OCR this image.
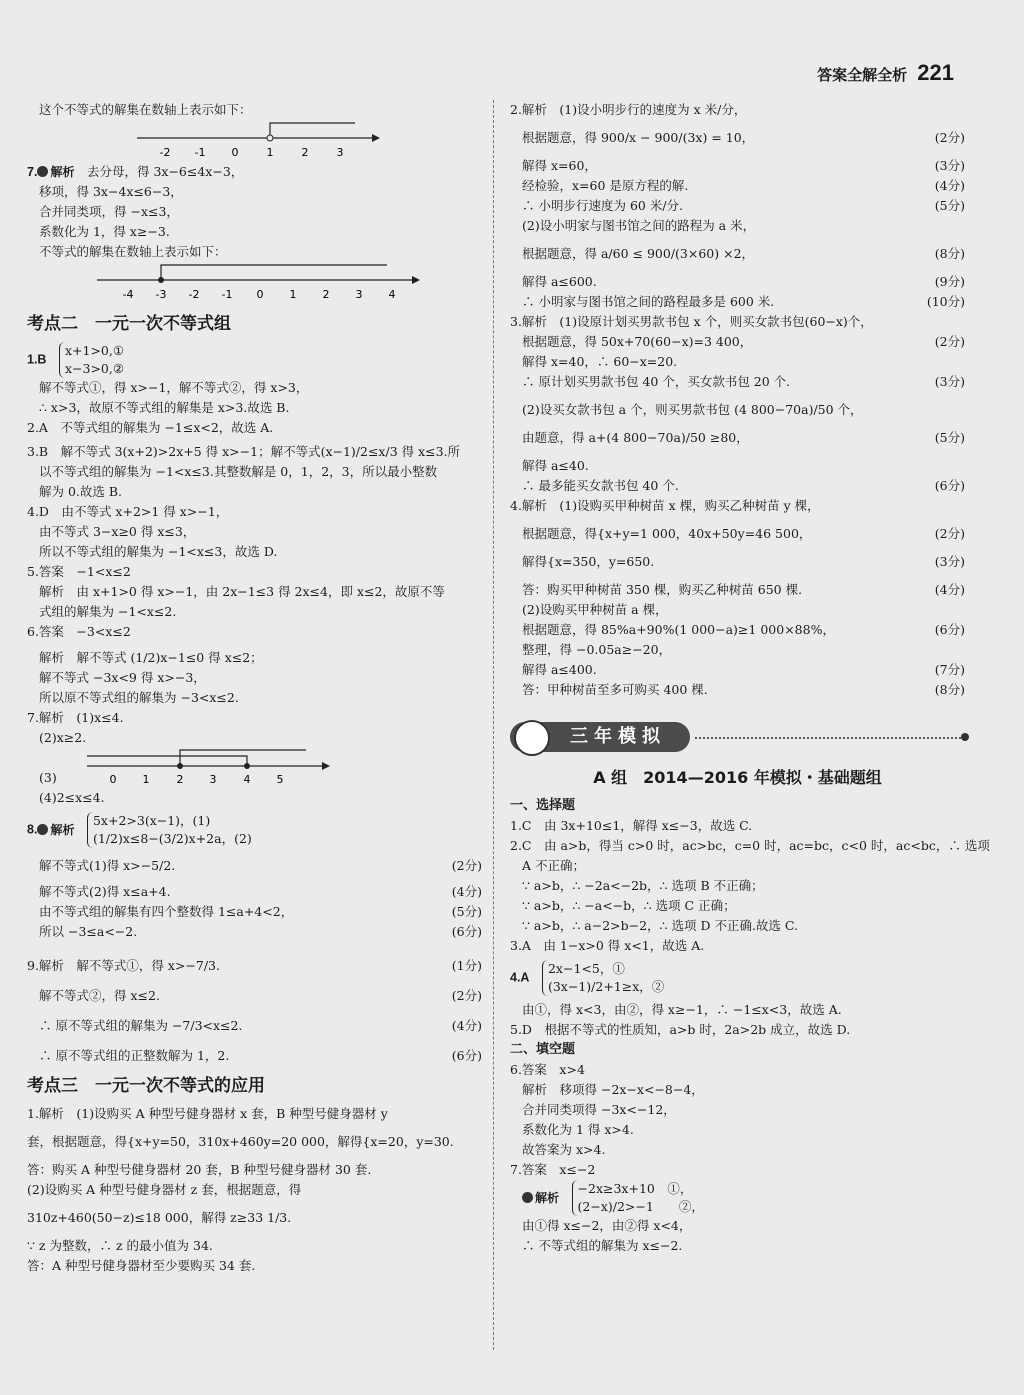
答案全解全析 221
这个不等式的解集在数轴上表示如下：
-2 -1 0	1	2	3
7. 解析　 去分母，得 3x−6≤4x−3，
移项，得 3x−4x≤6−3，
合并同类项，得 −x≤3，
系数化为 1，得 x≥−3.
不等式的解集在数轴上表示如下：
-4 -3 -2 -1 0 1 2 3 4
考点二　一元一次不等式组
1.B　x+1>0,①
x−3>0,②
解不等式①，得 x>−1，解不等式②，得 x>3，
∴ x>3，故原不等式组的解集是 x>3.故选 B.
2.A　不等式组的解集为 −1≤x<2，故选 A.
3.B　解不等式 3(x+2)>2x+5 得 x>−1；解不等式(x−1)/2≤x/3 得 x≤3.所
以不等式组的解集为 −1<x≤3.其整数解是 0，1，2，3，所以最小整数
解为 0.故选 B.
4.D　由不等式 x+2>1 得 x>−1，
由不等式 3−x≥0 得 x≤3，
所以不等式组的解集为 −1<x≤3，故选 D.
5.答案　−1<x≤2
解析　由 x+1>0 得 x>−1，由 2x−1≤3 得 2x≤4，即 x≤2，故原不等
式组的解集为 −1<x≤2.
6.答案　−3<x≤2
解析　解不等式 (1/2)x−1≤0 得 x≤2；
解不等式 −3x<9 得 x>−3，
所以原不等式组的解集为 −3<x≤2.
7.解析　(1)x≤4.
(2)x≥2.
0 1 2 3 4 5
(3)
(4)2≤x≤4.
8. 解析　5x+2>3(x−1)，(1)
(1/2)x≤8−(3/2)x+2a，(2)
解不等式(1)得 x>−5/2.	(2分)
解不等式(2)得 x≤a+4.	(4分)
由不等式组的解集有四个整数得 1≤a+4<2，	(5分)
所以 −3≤a<−2.	(6分)
9.解析　解不等式①，得 x>−7/3.	(1分)
解不等式②，得 x≤2.	(2分)
∴ 原不等式组的解集为 −7/3<x≤2.	(4分)
∴ 原不等式组的正整数解为 1，2.	(6分)
考点三　一元一次不等式的应用
1.解析　(1)设购买 A 种型号健身器材 x 套，B 种型号健身器材 y
套，根据题意，得{x+y=50，310x+460y=20 000，解得{x=20，y=30.
答：购买 A 种型号健身器材 20 套，B 种型号健身器材 30 套.
(2)设购买 A 种型号健身器材 z 套，根据题意，得
310z+460(50−z)≤18 000，解得 z≥33 1/3.
∵ z 为整数，∴ z 的最小值为 34.
答：A 种型号健身器材至少要购买 34 套.
2.解析　(1)设小明步行的速度为 x 米/分，
根据题意，得 900/x − 900/(3x) = 10，	(2分)
解得 x=60，	(3分)
经检验，x=60 是原方程的解.	(4分)
∴ 小明步行速度为 60 米/分.	(5分)
(2)设小明家与图书馆之间的路程为 a 米，
根据题意，得 a/60 ≤ 900/(3×60) ×2，	(8分)
解得 a≤600.	(9分)
∴ 小明家与图书馆之间的路程最多是 600 米.	(10分)
3.解析　(1)设原计划买男款书包 x 个，则买女款书包(60−x)个，
根据题意，得 50x+70(60−x)=3 400，	(2分)
解得 x=40，∴ 60−x=20.
∴ 原计划买男款书包 40 个，买女款书包 20 个.	(3分)
(2)设买女款书包 a 个，则买男款书包 (4 800−70a)/50 个，
由题意，得 a+(4 800−70a)/50 ≥80，	(5分)
解得 a≤40.
∴ 最多能买女款书包 40 个.	(6分)
4.解析　(1)设购买甲种树苗 x 棵，购买乙种树苗 y 棵，
根据题意，得{x+y=1 000，40x+50y=46 500，	(2分)
解得{x=350，y=650.	(3分)
答：购买甲种树苗 350 棵，购买乙种树苗 650 棵.	(4分)
(2)设购买甲种树苗 a 棵，
根据题意，得 85%a+90%(1 000−a)≥1 000×88%，	(6分)
整理，得 −0.05a≥−20，
解得 a≤400.	(7分)
答：甲种树苗至多可购买 400 棵.	(8分)
三年模拟
A 组　2014—2016 年模拟・基础题组
一、选择题
1.C　由 3x+10≤1，解得 x≤−3，故选 C.
2.C　由 a>b，得当 c>0 时，ac>bc，c=0 时，ac=bc，c<0 时，ac<bc，∴ 选项
A 不正确；
∵ a>b，∴ −2a<−2b，∴ 选项 B 不正确；
∵ a>b，∴ −a<−b，∴ 选项 C 正确；
∵ a>b，∴ a−2>b−2，∴ 选项 D 不正确.故选 C.
3.A　由 1−x>0 得 x<1，故选 A.
4.A　2x−1<5，①
(3x−1)/2+1≥x，②
由①，得 x<3，由②，得 x≥−1，∴ −1≤x<3，故选 A.
5.D　根据不等式的性质知，a>b 时，2a>2b 成立，故选 D.
二、填空题
6.答案　x>4
解析　移项得 −2x−x<−8−4，
合并同类项得 −3x<−12，
系数化为 1 得 x>4.
故答案为 x>4.
7.答案　x≤−2
解析　−2x≥3x+10　①，
(2−x)/2>−1　　②，
由①得 x≤−2，由②得 x<4，
∴ 不等式组的解集为 x≤−2.
